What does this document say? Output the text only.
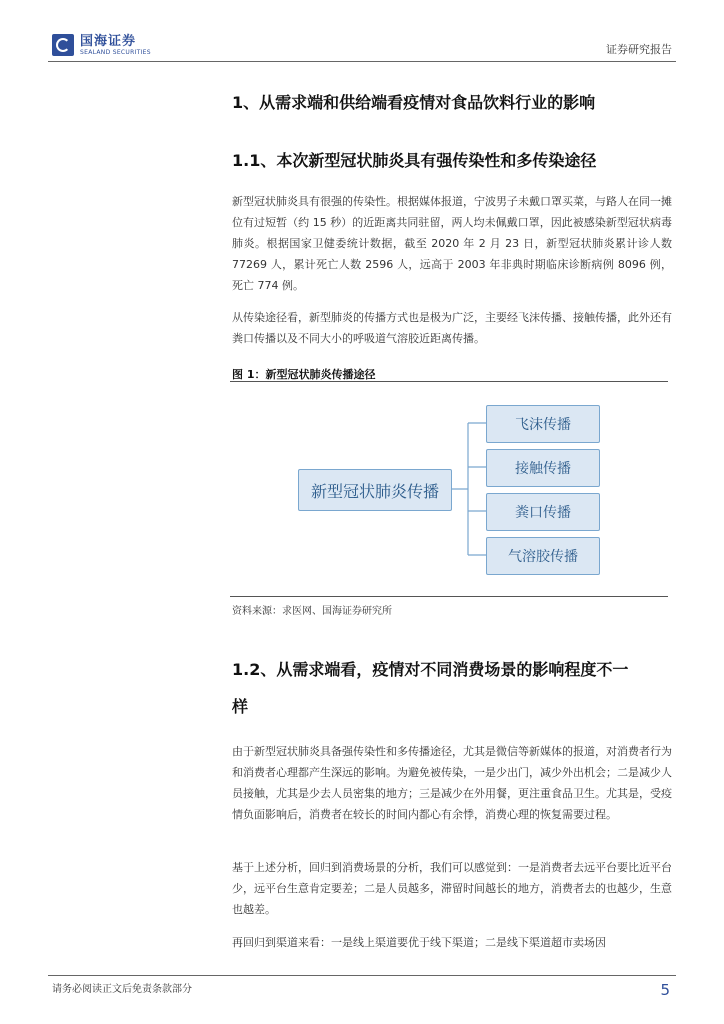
国海证券
SEALAND SECURITIES	证券研究报告
1、从需求端和供给端看疫情对食品饮料行业的影响
1.1、本次新型冠状肺炎具有强传染性和多传染途径
新型冠状肺炎具有很强的传染性。根据媒体报道，宁波男子未戴口罩买菜，与路人在同一摊位有过短暂（约 15 秒）的近距离共同驻留，两人均未佩戴口罩，因此被感染新型冠状病毒肺炎。根据国家卫健委统计数据，截至 2020 年 2 月 23 日，新型冠状肺炎累计诊人数 77269 人，累计死亡人数 2596 人，远高于 2003 年非典时期临床诊断病例 8096 例，死亡 774 例。
从传染途径看，新型肺炎的传播方式也是极为广泛，主要经飞沫传播、接触传播，此外还有粪口传播以及不同大小的呼吸道气溶胶近距离传播。
图 1：新型冠状肺炎传播途径
新型冠状肺炎传播
飞沫传播
接触传播
粪口传播
气溶胶传播
资料来源：求医网、国海证券研究所
1.2、从需求端看，疫情对不同消费场景的影响程度不一
样
由于新型冠状肺炎具备强传染性和多传播途径，尤其是微信等新媒体的报道，对消费者行为和消费者心理都产生深远的影响。为避免被传染，一是少出门，减少外出机会；二是减少人员接触，尤其是少去人员密集的地方；三是减少在外用餐，更注重食品卫生。尤其是，受疫情负面影响后，消费者在较长的时间内都心有余悸，消费心理的恢复需要过程。
基于上述分析，回归到消费场景的分析，我们可以感觉到：一是消费者去远平台要比近平台少，远平台生意肯定要差；二是人员越多，滞留时间越长的地方，消费者去的也越少，生意也越差。
再回归到渠道来看：一是线上渠道要优于线下渠道；二是线下渠道超市卖场因
请务必阅读正文后免责条款部分	5
